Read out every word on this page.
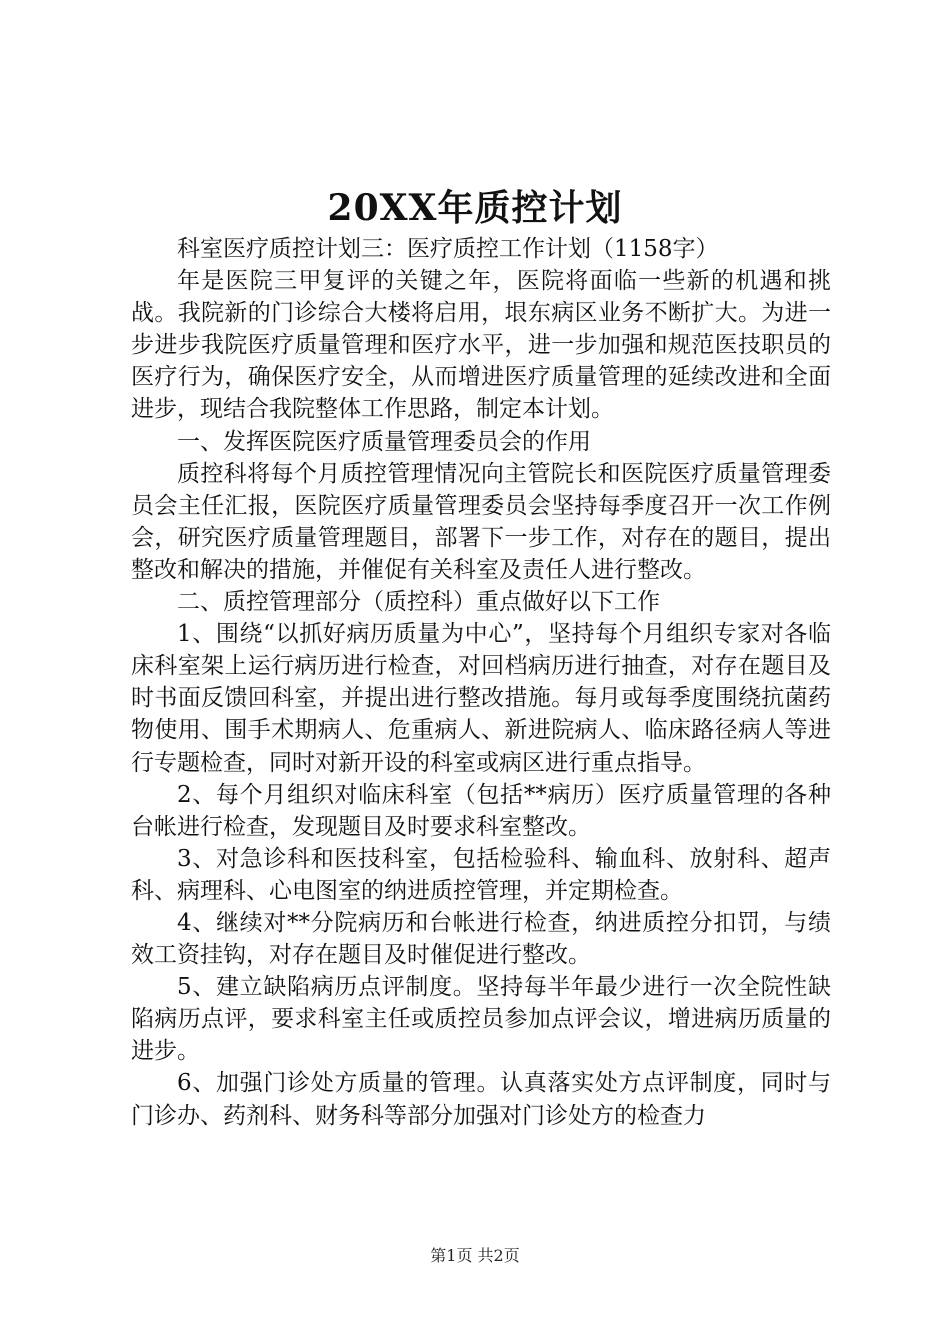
20XX年质控计划

科室医疗质控计划三：医疗质控工作计划（1158字）

年是医院三甲复评的关键之年，医院将面临一些新的机遇和挑战。我院新的门诊综合大楼将启用，垠东病区业务不断扩大。为进一步进步我院医疗质量管理和医疗水平，进一步加强和规范医技职员的医疗行为，确保医疗安全，从而增进医疗质量管理的延续改进和全面进步，现结合我院整体工作思路，制定本计划。

一、发挥医院医疗质量管理委员会的作用

质控科将每个月质控管理情况向主管院长和医院医疗质量管理委员会主任汇报，医院医疗质量管理委员会坚持每季度召开一次工作例会，研究医疗质量管理题目，部署下一步工作，对存在的题目，提出整改和解决的措施，并催促有关科室及责任人进行整改。

二、质控管理部分（质控科）重点做好以下工作

1、围绕“以抓好病历质量为中心”，坚持每个月组织专家对各临床科室架上运行病历进行检查，对回档病历进行抽查，对存在题目及时书面反馈回科室，并提出进行整改措施。每月或每季度围绕抗菌药物使用、围手术期病人、危重病人、新进院病人、临床路径病人等进行专题检查，同时对新开设的科室或病区进行重点指导。

2、每个月组织对临床科室（包括**病历）医疗质量管理的各种台帐进行检查，发现题目及时要求科室整改。

3、对急诊科和医技科室，包括检验科、输血科、放射科、超声科、病理科、心电图室的纳进质控管理，并定期检查。

4、继续对**分院病历和台帐进行检查，纳进质控分扣罚，与绩效工资挂钩，对存在题目及时催促进行整改。

5、建立缺陷病历点评制度。坚持每半年最少进行一次全院性缺陷病历点评，要求科室主任或质控员参加点评会议，增进病历质量的进步。

6、加强门诊处方质量的管理。认真落实处方点评制度，同时与门诊办、药剂科、财务科等部分加强对门诊处方的检查力

第1页 共2页
